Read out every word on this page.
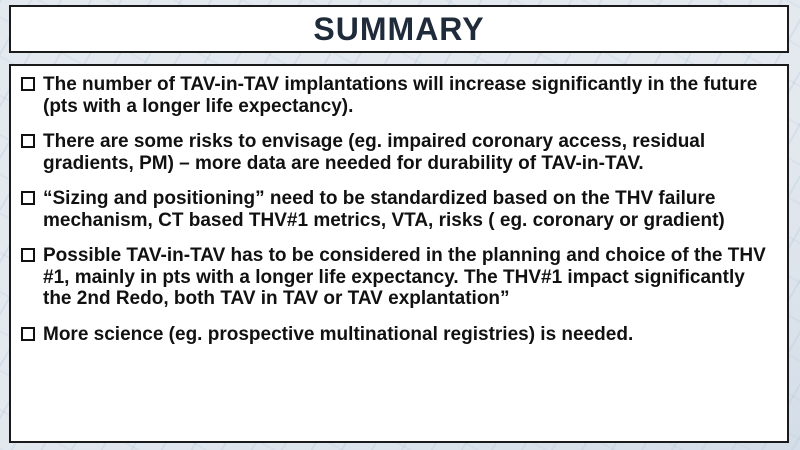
SUMMARY
The number of TAV-in-TAV implantations will increase significantly in the future (pts with a longer life expectancy).
There are some risks to envisage (eg. impaired coronary access, residual gradients, PM) – more data are needed for durability of TAV-in-TAV.
“Sizing and positioning” need to be standardized based on the THV failure mechanism, CT based THV#1 metrics, VTA, risks ( eg. coronary or gradient)
Possible TAV-in-TAV has to be considered in the planning and choice of the THV #1, mainly in pts with a longer life expectancy. The THV#1 impact significantly the 2nd Redo, both TAV in TAV or TAV explantation”
More science (eg. prospective multinational registries) is needed.
